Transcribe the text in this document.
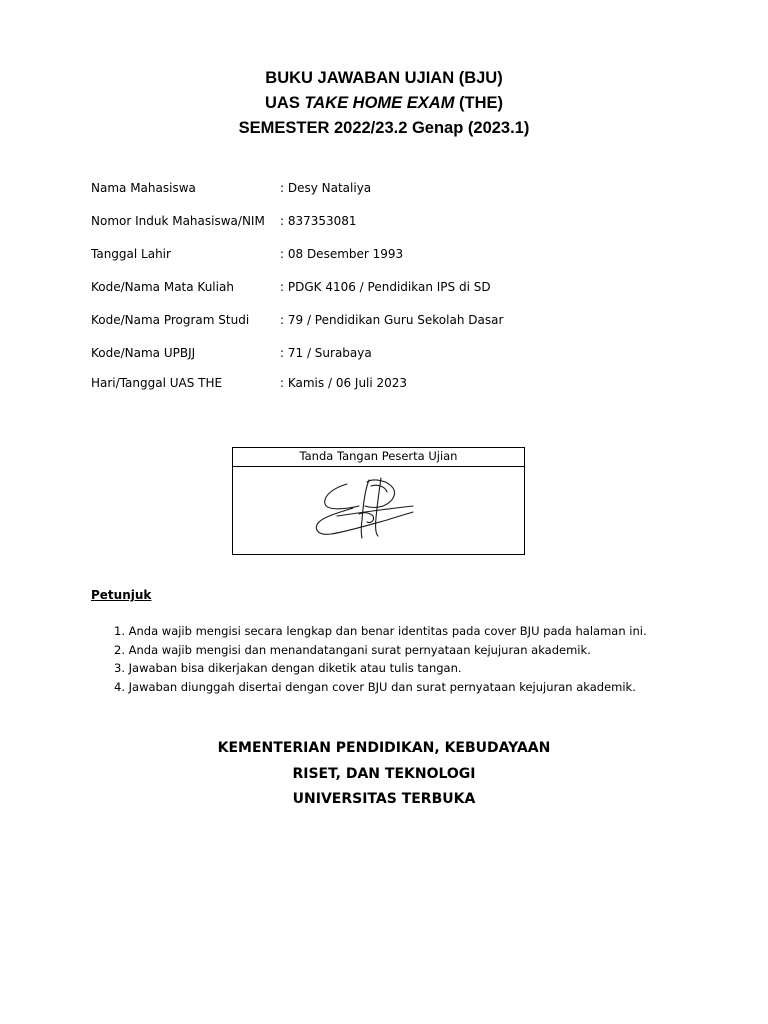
BUKU JAWABAN UJIAN (BJU)
UAS TAKE HOME EXAM (THE)
SEMESTER 2022/23.2 Genap (2023.1)
Nama Mahasiswa	: Desy Nataliya
Nomor Induk Mahasiswa/NIM : 837353081
Tanggal Lahir	: 08 Desember 1993
Kode/Nama Mata Kuliah	: PDGK 4106 / Pendidikan IPS di SD
Kode/Nama Program Studi	: 79 / Pendidikan Guru Sekolah Dasar
Kode/Nama UPBJJ	: 71 / Surabaya
Hari/Tanggal UAS THE	: Kamis / 06 Juli 2023
Tanda Tangan Peserta Ujian
Petunjuk
1. Anda wajib mengisi secara lengkap dan benar identitas pada cover BJU pada halaman ini.
2. Anda wajib mengisi dan menandatangani surat pernyataan kejujuran akademik.
3. Jawaban bisa dikerjakan dengan diketik atau tulis tangan.
4. Jawaban diunggah disertai dengan cover BJU dan surat pernyataan kejujuran akademik.
KEMENTERIAN PENDIDIKAN, KEBUDAYAAN
RISET, DAN TEKNOLOGI
UNIVERSITAS TERBUKA
